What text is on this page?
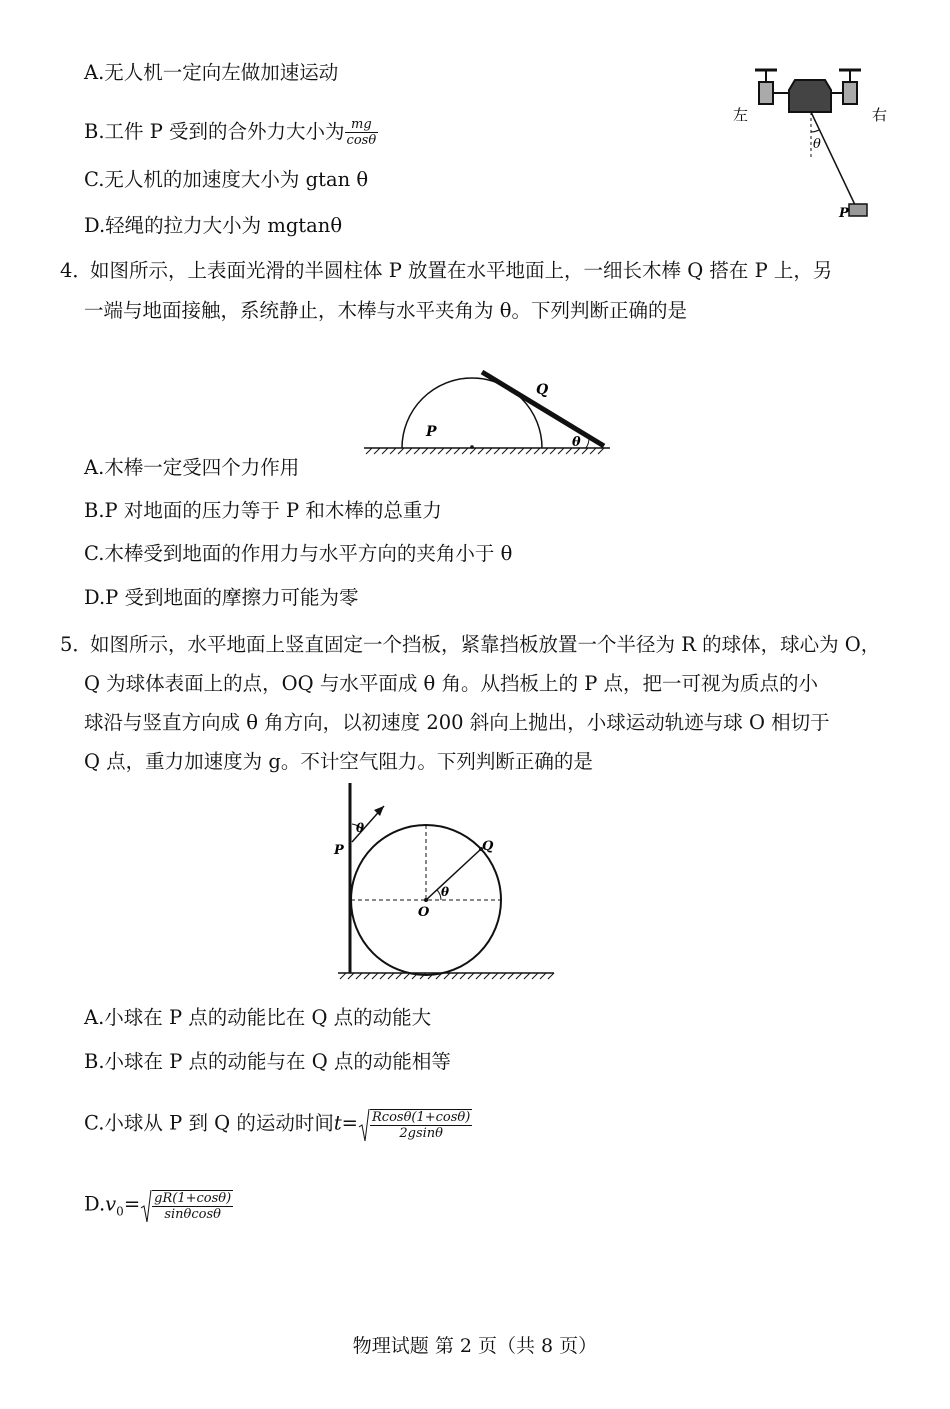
A.无人机一定向左做加速运动
B.工件 P 受到的合外力大小为 $\frac{mg}{\cos\theta}$
C.无人机的加速度大小为 gtan θ
D.轻绳的拉力大小为 mgtanθ
左	右
θ
P
4．
如图所示，上表面光滑的半圆柱体 P 放置在水平地面上，一细长木棒 Q 搭在 P 上，另
一端与地面接触，系统静止，木棒与水平夹角为 θ。下列判断正确的是
P
Q
θ
A.木棒一定受四个力作用
B.P 对地面的压力等于 P 和木棒的总重力
C.木棒受到地面的作用力与水平方向的夹角小于 θ
D.P 受到地面的摩擦力可能为零
5．
如图所示，水平地面上竖直固定一个挡板，紧靠挡板放置一个半径为 R 的球体，球心为 O，
Q 为球体表面上的点，OQ 与水平面成 θ 角。从挡板上的 P 点，把一可视为质点的小
球沿与竖直方向成 θ 角方向，以初速度 200 斜向上抛出，小球运动轨迹与球 O 相切于
Q 点，重力加速度为 g。不计空气阻力。下列判断正确的是
P
θ
Q
O
θ
A.小球在 P 点的动能比在 Q 点的动能大
B.小球在 P 点的动能与在 Q 点的动能相等
C.小球从 P 到 Q 的运动时间$t= \frac{Rcos\theta(1+\cos\theta)}{2gsin\theta}$
$D.v_0= \frac{gR(1+\cos\theta)}{\sin\theta\cos\theta}$
物理试题 第 2 页（共 8 页）
